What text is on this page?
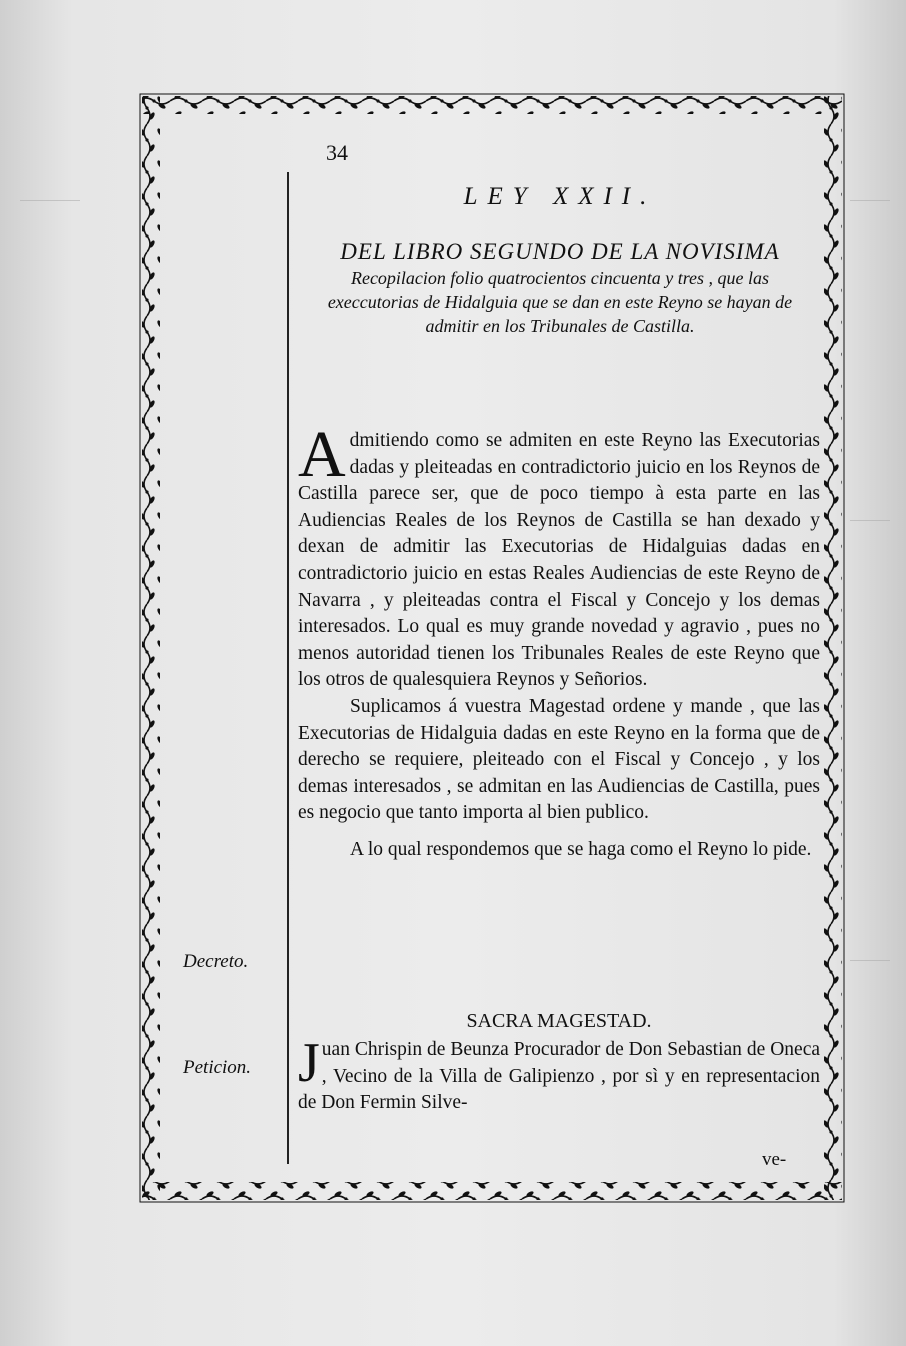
34
Decreto.
Peticion.
LEY XXII.
DEL LIBRO SEGUNDO DE LA NOVISIMA
Recopilacion folio quatrocientos cincuenta y tres , que las execcutorias de Hidalguia que se dan en este Reyno se hayan de admitir en los Tribunales de Castilla.

Admitiendo como se admiten en este Reyno las Executorias dadas y pleiteadas en contradictorio juicio en los Reynos de Castilla parece ser, que de poco tiempo à esta parte en las Audiencias Reales de los Reynos de Castilla se han dexado y dexan de admitir las Executorias de Hidalguias dadas en contradictorio juicio en estas Reales Audiencias de este Reyno de Navarra , y pleiteadas contra el Fiscal y Concejo y los demas interesados. Lo qual es muy grande novedad y agravio , pues no menos autoridad tienen los Tribunales Reales de este Reyno que los otros de qualesquiera Reynos y Señorios.

Suplicamos á vuestra Magestad ordene y mande , que las Executorias de Hidalguia dadas en este Reyno en la forma que de derecho se requiere, pleiteado con el Fiscal y Concejo , y los demas interesados , se admitan en las Audiencias de Castilla, pues es negocio que tanto importa al bien publico.

A lo qual respondemos que se haga como el Reyno lo pide.

SACRA MAGESTAD.

Juan Chrispin de Beunza Procurador de Don Sebastian de Oneca , Vecino de la Villa de Galipienzo , por sì y en representacion de Don Fermin Silve-

ve-
